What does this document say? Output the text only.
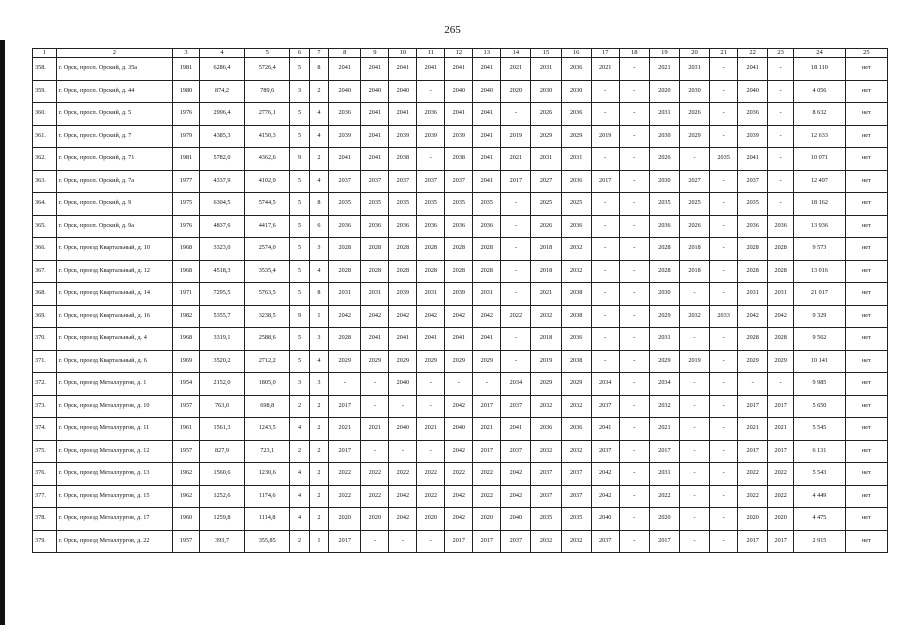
265
1	2	3	4	5	6	7	8	9	10	11	12	13	14	15	16	17	18	19	20	21	22	23	24	25
358.	г. Орск, просп. Орский, д. 35а	1981	6286,4	5726,4	5	8	2041	2041	2041	2041	2041	2041	2021	2031	2036	2021	-	2021	2031	-	2041	-	18 110	нет
359.	г. Орск, просп. Орский, д. 44	1980	874,2	789,6	3	2	2040	2040	2040	-	2040	2040	2020	2030	2030	-	-	2020	2030	-	2040	-	4 056	нет
360.	г. Орск, просп. Орский, д. 5	1976	2996,4	2776,1	5	4	2036	2041	2041	2036	2041	2041	-	2026	2036	-	-	2031	2026	-	2036	-	8 632	нет
361.	г. Орск, просп. Орский, д. 7	1979	4385,3	4150,3	5	4	2039	2041	2039	2039	2039	2041	2019	2029	2029	2019	-	2030	2029	-	2039	-	12 633	нет
362.	г. Орск, просп. Орский, д. 71	1981	5782,0	4362,6	9	2	2041	2041	2038	-	2038	2041	2021	2031	2031	-	-	2026	-	2035	2041	-	10 071	нет
363.	г. Орск, просп. Орский, д. 7а	1977	4337,9	4102,9	5	4	2037	2037	2037	2037	2037	2041	2017	2027	2036	2017	-	2030	2027	-	2037	-	12 497	нет
364.	г. Орск, просп. Орский, д. 9	1975	6304,5	5744,5	5	8	2035	2035	2035	2035	2035	2035	-	2025	2025	-	-	2035	2025	-	2035	-	18 162	нет
365.	г. Орск, просп. Орский, д. 9а	1976	4837,6	4417,6	5	6	2036	2036	2036	2036	2036	2036	-	2026	2036	-	-	2036	2026	-	2036	2036	13 936	нет
366.	г. Орск, проезд Квартальный, д. 10	1968	3323,0	2574,0	5	3	2028	2028	2028	2028	2028	2028	-	2018	2032	-	-	2028	2018	-	2028	2028	9 573	нет
367.	г. Орск, проезд Квартальный, д. 12	1968	4518,3	3535,4	5	4	2028	2028	2028	2028	2028	2028	-	2018	2032	-	-	2028	2018	-	2028	2028	13 016	нет
368.	г. Орск, проезд Квартальный, д. 14	1971	7295,5	5763,5	5	8	2031	2031	2039	2031	2039	2031	-	2021	2038	-	-	2030	-	-	2031	2031	21 017	нет
369.	г. Орск, проезд Квартальный, д. 16	1982	5355,7	3238,5	9	1	2042	2042	2042	2042	2042	2042	2022	2032	2038	-	-	2029	2032	2033	2042	2042	9 329	нет
370.	г. Орск, проезд Квартальный, д. 4	1968	3319,1	2588,6	5	3	2028	2041	2041	2041	2041	2041	-	2018	2036	-	-	2031	-	-	2028	2028	9 562	нет
371.	г. Орск, проезд Квартальный, д. 6	1969	3520,2	2712,2	5	4	2029	2029	2029	2029	2029	2029	-	2019	2038	-	-	2029	2019	-	2029	2029	10 141	нет
372.	г. Орск, проезд Металлургов, д. 1	1954	2152,0	1805,0	3	3	-	-	2040	-	-	-	2034	2029	2029	2034	-	2034	-	-	-	-	9 985	нет
373.	г. Орск, проезд Металлургов, д. 10	1957	763,0	698,8	2	2	2017	-	-	-	2042	2017	2037	2032	2032	2037	-	2032	-	-	2017	2017	5 650	нет
374.	г. Орск, проезд Металлургов, д. 11	1961	1561,3	1243,5	4	2	2021	2021	2040	2021	2040	2021	2041	2036	2036	2041	-	2021	-	-	2021	2021	5 545	нет
375.	г. Орск, проезд Металлургов, д. 12	1957	827,9	723,1	2	2	2017	-	-	-	2042	2017	2037	2032	2032	2037	-	2017	-	-	2017	2017	6 131	нет
376.	г. Орск, проезд Металлургов, д. 13	1962	1560,6	1230,6	4	2	2022	2022	2022	2022	2022	2022	2042	2037	2037	2042	-	2031	-	-	2022	2022	5 543	нет
377.	г. Орск, проезд Металлургов, д. 15	1962	1252,6	1174,6	4	2	2022	2022	2042	2022	2042	2022	2042	2037	2037	2042	-	2022	-	-	2022	2022	4 449	нет
378.	г. Орск, проезд Металлургов, д. 17	1960	1259,8	1114,8	4	2	2020	2020	2042	2020	2042	2020	2040	2035	2035	2040	-	2020	-	-	2020	2020	4 475	нет
379.	г. Орск, проезд Металлургов, д. 22	1957	393,7	355,85	2	1	2017	-	-	-	2017	2017	2037	2032	2032	2037	-	2017	-	-	2017	2017	2 915	нет
